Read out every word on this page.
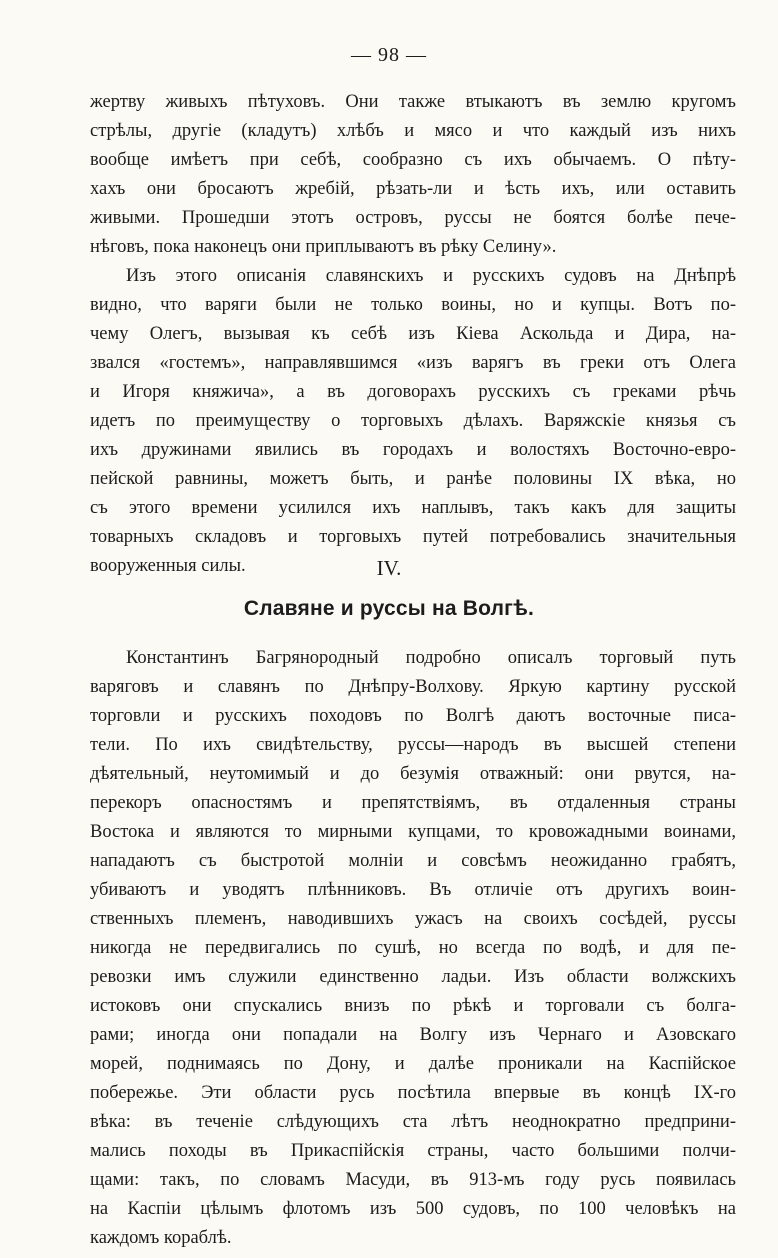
— 98 —
жертву живыхъ пѣтуховъ. Они также втыкаютъ въ землю кругомъ
стрѣлы, другіе (кладутъ) хлѣбъ и мясо и что каждый изъ нихъ
вообще имѣетъ при себѣ, сообразно съ ихъ обычаемъ. О пѣту-
хахъ они бросаютъ жребій, рѣзать-ли и ѣсть ихъ, или оставить
живыми. Прошедши этотъ островъ, руссы не боятся болѣе пече-
нѣговъ, пока наконецъ они приплываютъ въ рѣку Селину».
Изъ этого описанія славянскихъ и русскихъ судовъ на Днѣпрѣ
видно, что варяги были не только воины, но и купцы. Вотъ по-
чему Олегъ, вызывая къ себѣ изъ Кіева Аскольда и Дира, на-
звался «гостемъ», направлявшимся «изъ варягъ въ греки отъ Олега
и Игоря княжича», а въ договорахъ русскихъ съ греками рѣчь
идетъ по преимуществу о торговыхъ дѣлахъ. Варяжскіе князья съ
ихъ дружинами явились въ городахъ и волостяхъ Восточно-евро-
пейской равнины, можетъ быть, и ранѣе половины IX вѣка, но
съ этого времени усилился ихъ наплывъ, такъ какъ для защиты
товарныхъ складовъ и торговыхъ путей потребовались значительныя
вооруженныя силы.	IV.
Славяне и руссы на Волгѣ.
Константинъ Багрянородный подробно описалъ торговый путь
варяговъ и славянъ по Днѣпру-Волхову. Яркую картину русской
торговли и русскихъ походовъ по Волгѣ даютъ восточные писа-
тели. По ихъ свидѣтельству, руссы—народъ въ высшей степени
дѣятельный, неутомимый и до безумія отважный: они рвутся, на-
перекоръ опасностямъ и препятствіямъ, въ отдаленныя страны
Востока и являются то мирными купцами, то кровожадными воинами,
нападаютъ съ быстротой молніи и совсѣмъ неожиданно грабятъ,
убиваютъ и уводятъ плѣнниковъ. Въ отличіе отъ другихъ воин-
ственныхъ племенъ, наводившихъ ужасъ на своихъ сосѣдей, руссы
никогда не передвигались по сушѣ, но всегда по водѣ, и для пе-
ревозки имъ служили единственно ладьи. Изъ области волжскихъ
истоковъ они спускались внизъ по рѣкѣ и торговали съ болга-
рами; иногда они попадали на Волгу изъ Чернаго и Азовскаго
морей, поднимаясь по Дону, и далѣе проникали на Каспійское
побережье. Эти области русь посѣтила впервые въ концѣ IX-го
вѣка: въ теченіе слѣдующихъ ста лѣтъ неоднократно предприни-
мались походы въ Прикаспійскія страны, часто большими полчи-
щами: такъ, по словамъ Масуди, въ 913-мъ году русь появилась
на Каспіи цѣлымъ флотомъ изъ 500 судовъ, по 100 человѣкъ на
каждомъ кораблѣ.
